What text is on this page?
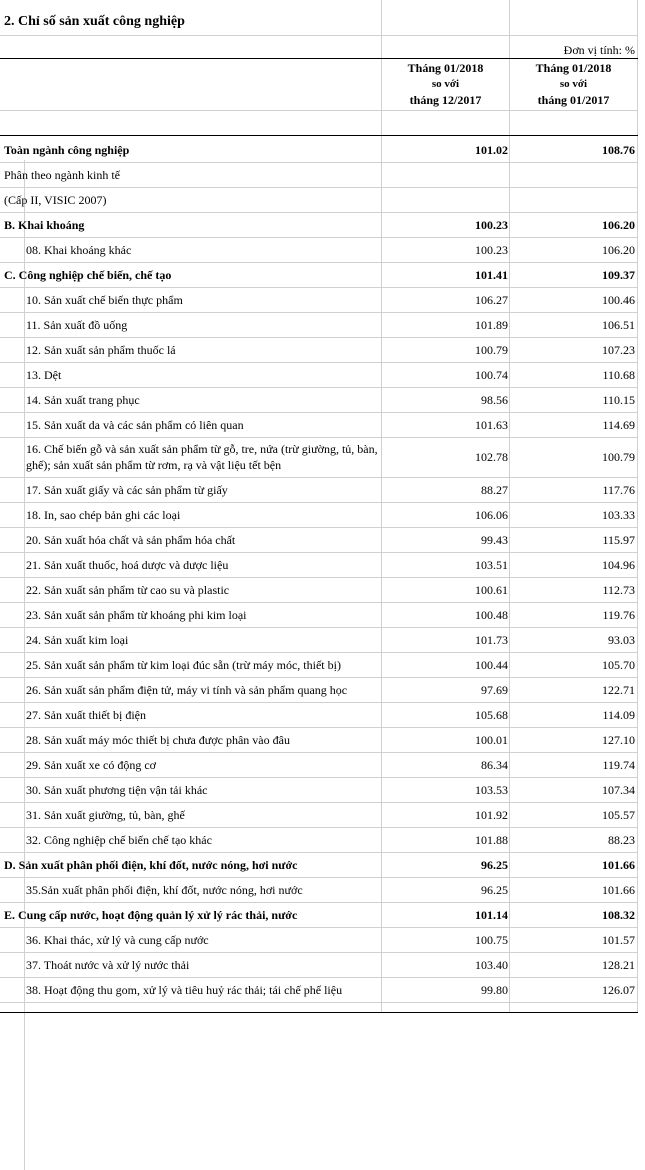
2. Chỉ số sản xuất công nghiệp
Đơn vị tính: %
Tháng 01/2018
so với
tháng 12/2017
Tháng 01/2018
so với
tháng 01/2017
Toàn ngành công nghiệp	101.02	108.76
Phân theo ngành kinh tế
(Cấp II, VISIC 2007)
B. Khai khoáng	100.23	106.20
08. Khai khoáng khác	100.23	106.20
C. Công nghiệp chế biến, chế tạo	101.41	109.37
10. Sản xuất chế biến thực phẩm	106.27	100.46
11. Sản xuất đồ uống	101.89	106.51
12. Sản xuất sản phẩm thuốc lá	100.79	107.23
13. Dệt	100.74	110.68
14. Sản xuất trang phục	98.56	110.15
15. Sản xuất da và các sản phẩm có liên quan	101.63	114.69
16. Chế biến gỗ và sản xuất sản phẩm từ gỗ, tre, nứa (trừ giường, tủ, bàn, ghế); sản xuất sản phẩm từ rơm, rạ và vật liệu tết bện
102.78	100.79
17. Sản xuất giấy và các sản phẩm từ giấy	88.27	117.76
18. In, sao chép bản ghi các loại	106.06	103.33
20. Sản xuất hóa chất và sản phẩm hóa chất	99.43	115.97
21. Sản xuất thuốc, hoá dược và dược liệu	103.51	104.96
22. Sản xuất sản phẩm từ cao su và plastic	100.61	112.73
23. Sản xuất sản phẩm từ khoáng phi kim loại	100.48	119.76
24. Sản xuất kim loại	101.73	93.03
25. Sản xuất sản phẩm từ kim loại đúc sẵn (trừ máy móc, thiết bị)	100.44	105.70
26. Sản xuất sản phẩm điện tử, máy vi tính và sản phẩm quang học	97.69	122.71
27. Sản xuất thiết bị điện	105.68	114.09
28. Sản xuất máy móc thiết bị chưa được phân vào đâu	100.01	127.10
29. Sản xuất xe có động cơ	86.34	119.74
30. Sản xuất phương tiện vận tải khác	103.53	107.34
31. Sản xuất giường, tủ, bàn, ghế	101.92	105.57
32. Công nghiệp chế biến chế tạo khác	101.88	88.23
D. Sản xuất phân phối điện, khí đốt, nước nóng, hơi nước	96.25	101.66
35.Sản xuất phân phối điện, khí đốt, nước nóng, hơi nước	96.25	101.66
E. Cung cấp nước, hoạt động quản lý xử lý rác thải, nước	101.14	108.32
36. Khai thác, xử lý và cung cấp nước	100.75	101.57
37. Thoát nước và xử lý nước thải	103.40	128.21
38. Hoạt động thu gom, xử lý và tiêu huỷ rác thải; tái chế phế liệu	99.80	126.07
